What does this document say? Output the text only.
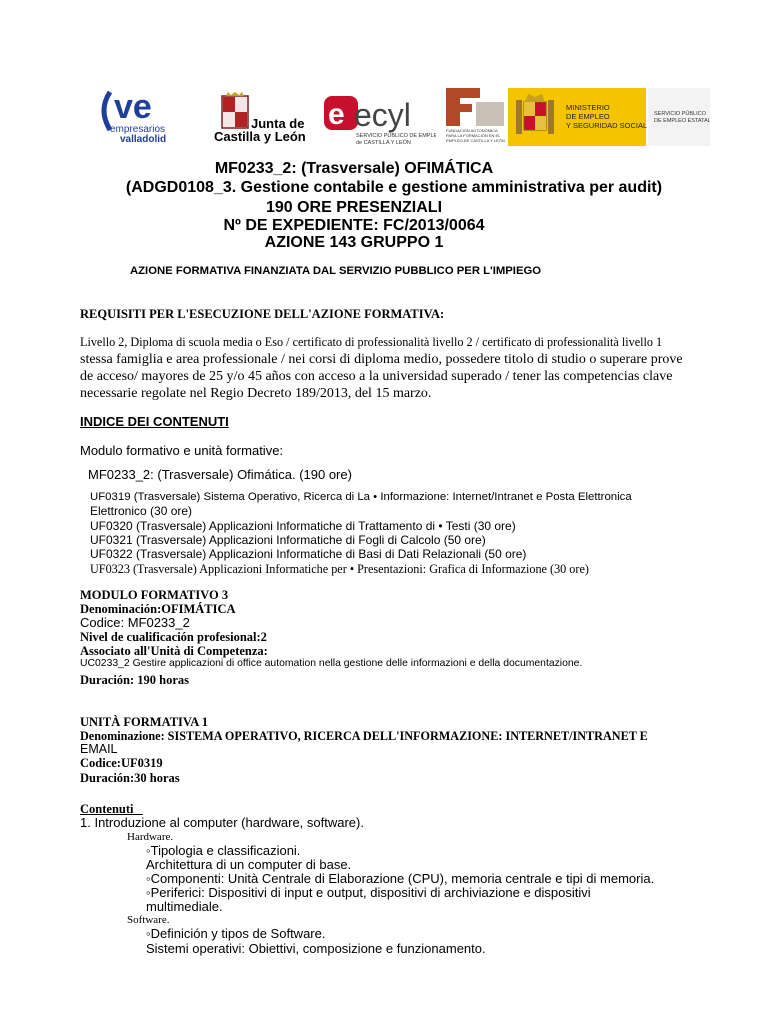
ve
empresarios
valladolid
Junta de
Castilla y León
e ecyl
SERVICIO PÚBLICO DE EMPLEO
de CASTILLA Y LEÓN
FUNDACIÓN AUTONÓMICA
PARA LA FORMACIÓN EN EL
EMPLEO DE CASTILLA Y LEÓN
MINISTERIO
DE EMPLEO
Y SEGURIDAD SOCIAL
SERVICIO PÚBLICO
DE EMPLEO ESTATAL
MF0233_2: (Trasversale) OFIMÁTICA
(ADGD0108_3. Gestione contabile e gestione amministrativa per audit)
190 ORE PRESENZIALI
Nº DE EXPEDIENTE: FC/2013/0064
AZIONE 143 GRUPPO 1
AZIONE FORMATIVA FINANZIATA DAL SERVIZIO PUBBLICO PER L'IMPIEGO
REQUISITI PER L'ESECUZIONE DELL'AZIONE FORMATIVA:
Livello 2, Diploma di scuola media o Eso / certificato di professionalità livello 2 / certificato di professionalità livello 1
stessa famiglia e area professionale / nei corsi di diploma medio, possedere titolo di studio o superare prove
de acceso/ mayores de 25 y/o 45 años con acceso a la universidad superado / tener las competencias clave
necessarie regolate nel Regio Decreto 189/2013, del 15 marzo.
INDICE DEI CONTENUTI
Modulo formativo e unità formative:
MF0233_2: (Trasversale) Ofimática. (190 ore)
UF0319 (Trasversale) Sistema Operativo, Ricerca di La • Informazione: Internet/Intranet e Posta Elettronica
Elettronico (30 ore)
UF0320 (Trasversale) Applicazioni Informatiche di Trattamento di • Testi (30 ore)
UF0321 (Trasversale) Applicazioni Informatiche di Fogli di Calcolo (50 ore)
UF0322 (Trasversale) Applicazioni Informatiche di Basi di Dati Relazionali (50 ore)
UF0323 (Trasversale) Applicazioni Informatiche per • Presentazioni: Grafica di Informazione (30 ore)
MODULO FORMATIVO 3
Denominación:OFIMÁTICA
Codice: MF0233_2
Nivel de cualificación profesional:2
Associato all'Unità di Competenza:
UC0233_2 Gestire applicazioni di office automation nella gestione delle informazioni e della documentazione.
Duración: 190 horas
UNITÀ FORMATIVA 1
Denominazione: SISTEMA OPERATIVO, RICERCA DELL'INFORMAZIONE: INTERNET/INTRANET E
EMAIL
Codice:UF0319
Duración:30 horas
Contenuti
1. Introduzione al computer (hardware, software).
Hardware.
◦Tipologia e classificazioni.
Architettura di un computer di base.
◦Componenti: Unità Centrale di Elaborazione (CPU), memoria centrale e tipi di memoria.
◦Periferici: Dispositivi di input e output, dispositivi di archiviazione e dispositivi
multimediale.
Software.
◦Definición y tipos de Software.
Sistemi operativi: Obiettivi, composizione e funzionamento.
